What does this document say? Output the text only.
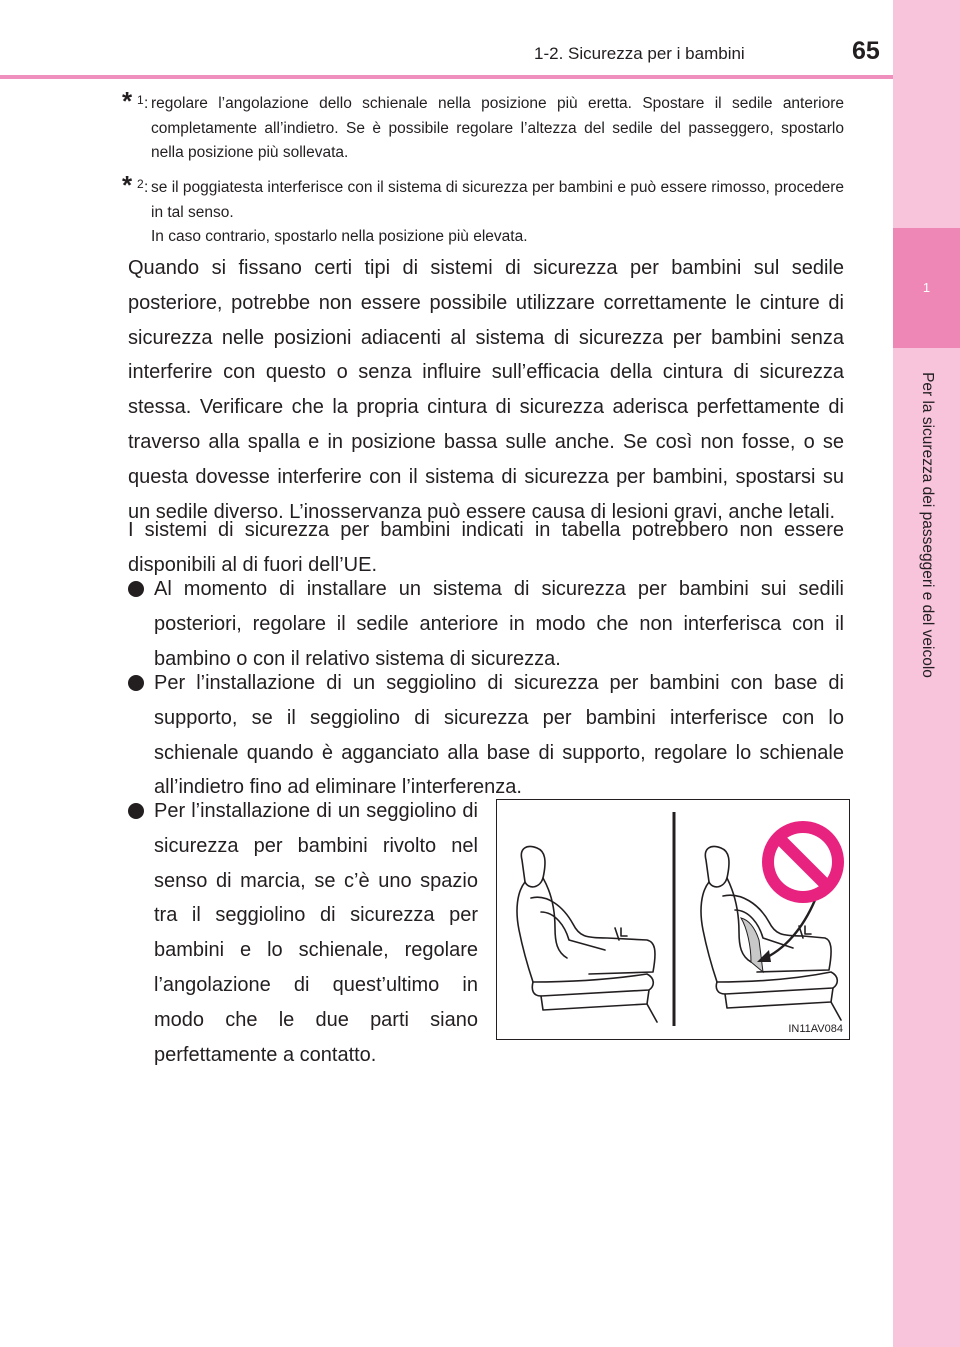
1-2. Sicurezza per i bambini	65
1
Per la sicurezza dei passeggeri e del veicolo
* 1 : regolare l’angolazione dello schienale nella posizione più eretta. Spostare il sedile anteriore completamente all’indietro. Se è possibile regolare l’altezza del sedile del passeggero, spostarlo nella posizione più sollevata.
* 2 : se il poggiatesta interferisce con il sistema di sicurezza per bambini e può essere rimosso, procedere in tal senso.
In caso contrario, spostarlo nella posizione più elevata.
Quando si fissano certi tipi di sistemi di sicurezza per bambini sul sedile posteriore, potrebbe non essere possibile utilizzare correttamente le cinture di sicurezza nelle posizioni adiacenti al sistema di sicurezza per bambini senza interferire con questo o senza influire sull’efficacia della cintura di sicurezza stessa. Verificare che la propria cintura di sicurezza aderisca perfettamente di traverso alla spalla e in posizione bassa sulle anche. Se così non fosse, o se questa dovesse interferire con il sistema di sicurezza per bambini, spostarsi su un sedile diverso. L’inosservanza può essere causa di lesioni gravi, anche letali.
I sistemi di sicurezza per bambini indicati in tabella potrebbero non essere disponibili al di fuori dell’UE.
Al momento di installare un sistema di sicurezza per bambini sui sedili posteriori, regolare il sedile anteriore in modo che non interferisca con il bambino o con il relativo sistema di sicurezza.
Per l’installazione di un seggiolino di sicurezza per bambini con base di supporto, se il seggiolino di sicurezza per bambini interferisce con lo schienale quando è agganciato alla base di supporto, regolare lo schienale all’indietro fino ad eliminare l’interferenza.
Per l’installazione di un seggiolino di sicurezza per bambini rivolto nel senso di marcia, se c’è uno spazio tra il seggiolino di sicurezza per bambini e lo schienale, regolare l’angolazione di quest’ultimo in modo che le due parti siano perfettamente a contatto.
IN11AV084
